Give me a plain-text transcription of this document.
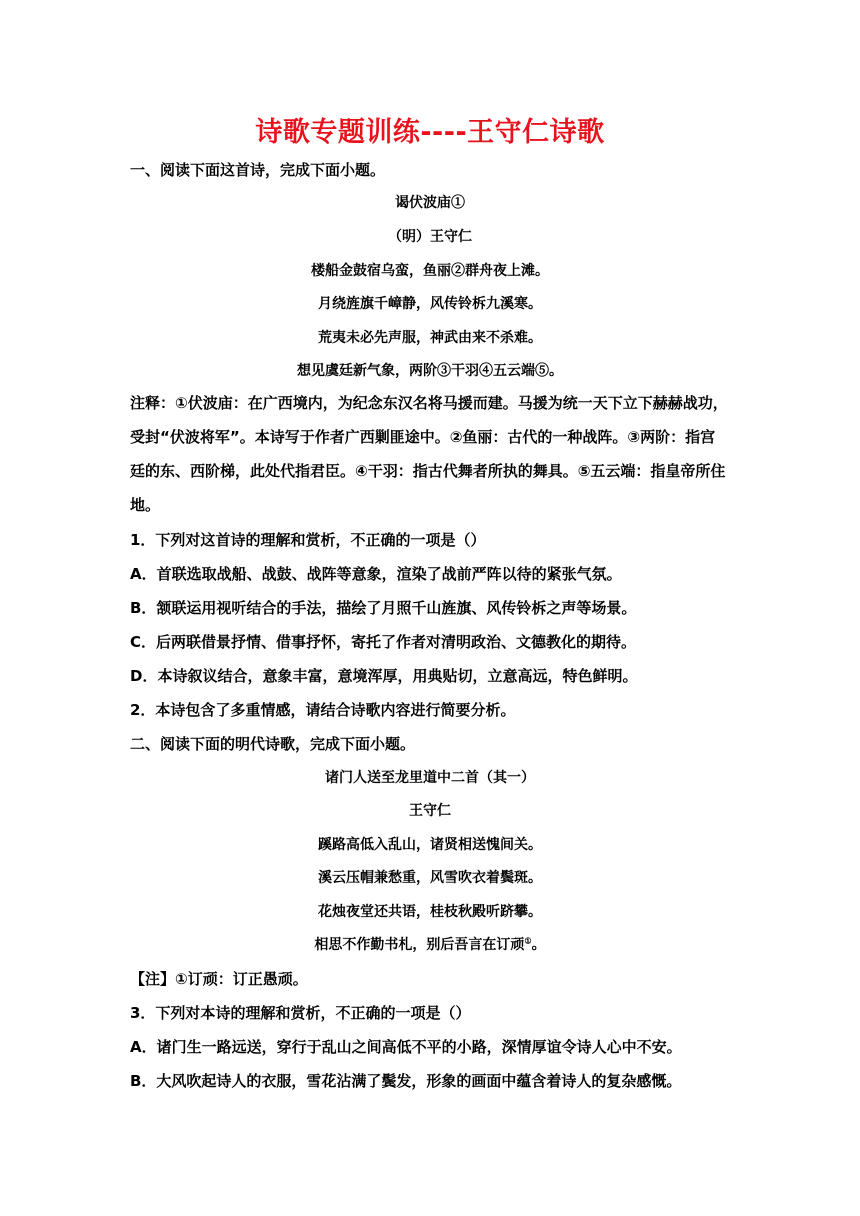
诗歌专题训练----王守仁诗歌
一、阅读下面这首诗，完成下面小题。
谒伏波庙①
（明）王守仁
楼船金鼓宿乌蛮，鱼丽②群舟夜上滩。
月绕旌旗千嶂静，风传铃柝九溪寒。
荒夷未必先声服，神武由来不杀难。
想见虞廷新气象，两阶③干羽④五云端⑤。
注释：①伏波庙：在广西境内，为纪念东汉名将马援而建。马援为统一天下立下赫赫战功，受封“伏波将军”。本诗写于作者广西剿匪途中。②鱼丽：古代的一种战阵。③两阶：指宫廷的东、西阶梯，此处代指君臣。④干羽：指古代舞者所执的舞具。⑤五云端：指皇帝所住地。
1．下列对这首诗的理解和赏析，不正确的一项是（）
A．首联选取战船、战鼓、战阵等意象，渲染了战前严阵以待的紧张气氛。
B．颔联运用视听结合的手法，描绘了月照千山旌旗、风传铃柝之声等场景。
C．后两联借景抒情、借事抒怀，寄托了作者对清明政治、文德教化的期待。
D．本诗叙议结合，意象丰富，意境浑厚，用典贴切，立意高远，特色鲜明。
2．本诗包含了多重情感，请结合诗歌内容进行简要分析。
二、阅读下面的明代诗歌，完成下面小题。
诸门人送至龙里道中二首（其一）
王守仁
蹊路高低入乱山，诸贤相送愧间关。
溪云压帽兼愁重，风雪吹衣着鬓斑。
花烛夜堂还共语，桂枝秋殿听跻攀。
相思不作勤书札，别后吾言在订顽①。
【注】①订顽：订正愚顽。
3．下列对本诗的理解和赏析，不正确的一项是（）
A．诸门生一路远送，穿行于乱山之间高低不平的小路，深情厚谊令诗人心中不安。
B．大风吹起诗人的衣服，雪花沾满了鬓发，形象的画面中蕴含着诗人的复杂感慨。
